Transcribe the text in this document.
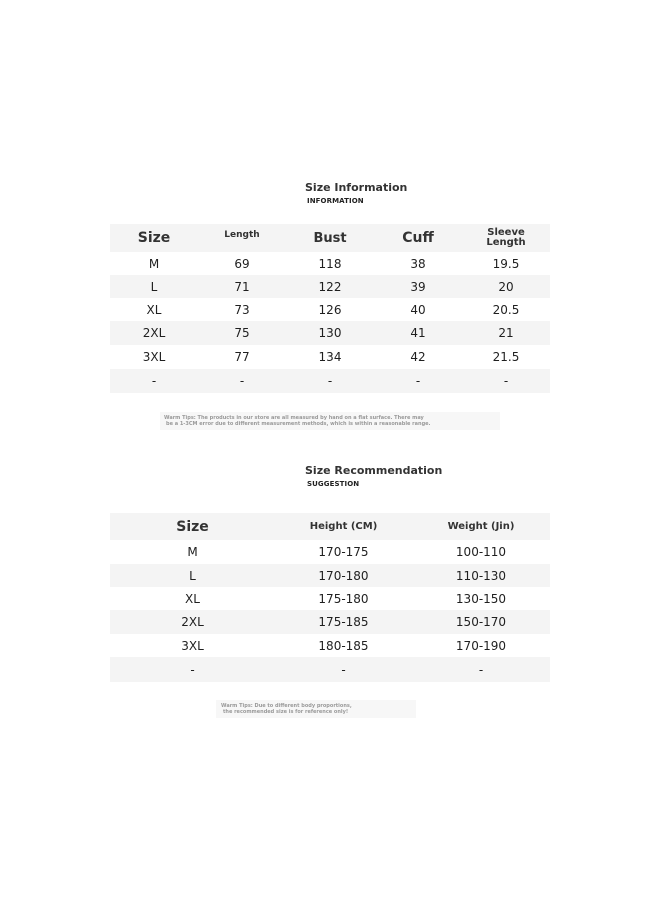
Size Information
INFORMATION
Size	Length	Bust	Cuff	Sleeve
Length

M	69	118	38	19.5
L	71	122	39	20
XL	73	126	40	20.5
2XL	75	130	41	21
3XL	77	134	42	21.5
-	-	-	-	-
Warm Tips: The products in our store are all measured by hand on a flat surface. There may
be a 1-3CM error due to different measurement methods, which is within a reasonable range.
Size Recommendation
SUGGESTION
Size	Height (CM)	Weight (Jin)
M	170-175	100-110
L	170-180	110-130
XL	175-180	130-150
2XL	175-185	150-170
3XL	180-185	170-190
-	-	-
Warm Tips: Due to different body proportions,
the recommended size is for reference only!
